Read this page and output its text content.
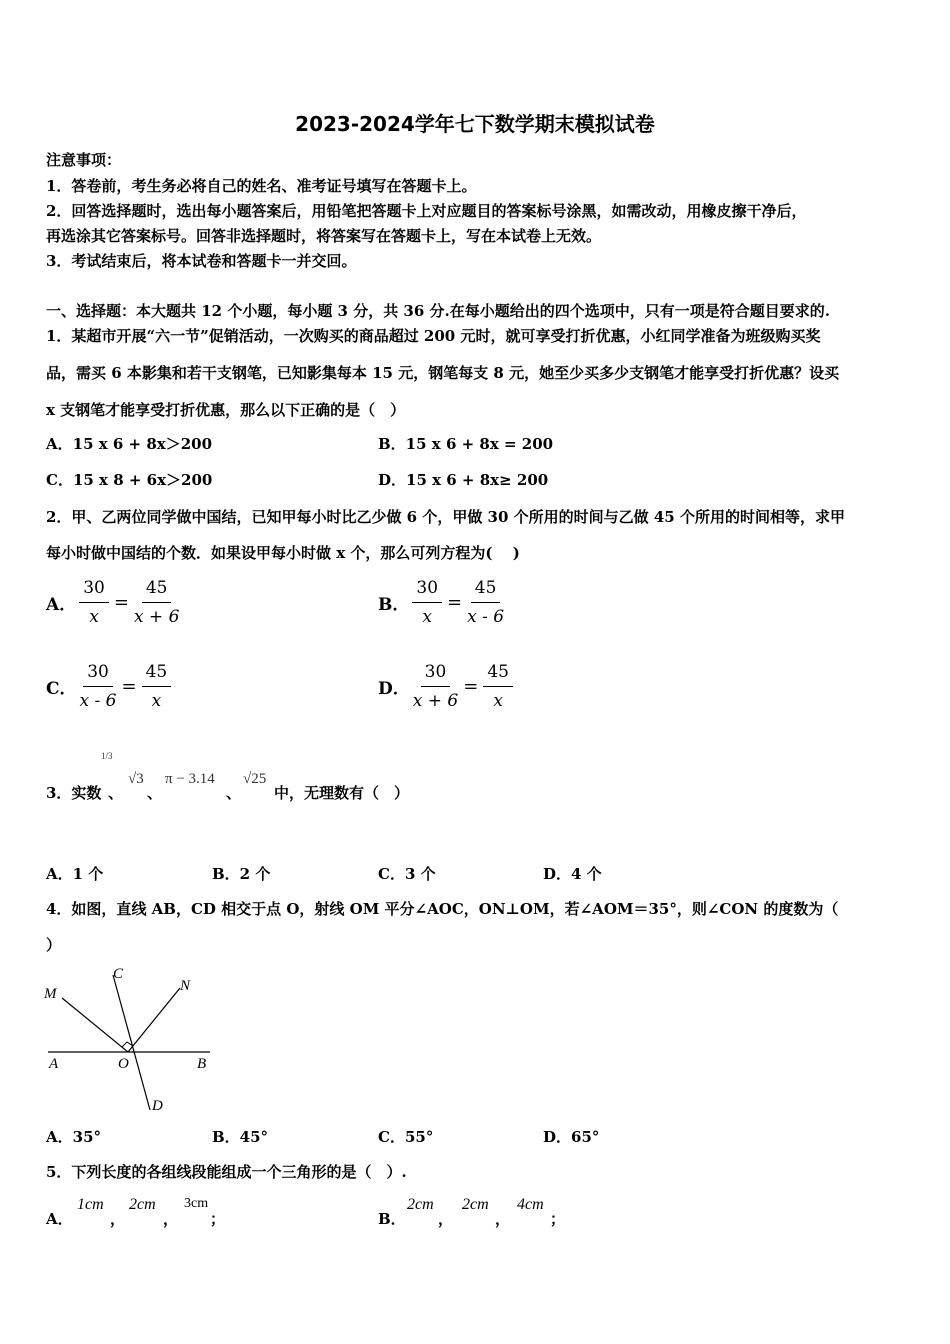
2023-2024学年七下数学期末模拟试卷
注意事项：
1．答卷前，考生务必将自己的姓名、准考证号填写在答题卡上。
2．回答选择题时，选出每小题答案后，用铅笔把答题卡上对应题目的答案标号涂黑，如需改动，用橡皮擦干净后，
再选涂其它答案标号。回答非选择题时，将答案写在答题卡上，写在本试卷上无效。
3．考试结束后，将本试卷和答题卡一并交回。
一、选择题：本大题共 12 个小题，每小题 3 分，共 36 分.在每小题给出的四个选项中，只有一项是符合题目要求的.
1．某超市开展“六一节”促销活动，一次购买的商品超过 200 元时，就可享受打折优惠，小红同学准备为班级购买奖
品，需买 6 本影集和若干支钢笔，已知影集每本 15 元，钢笔每支 8 元，她至少买多少支钢笔才能享受打折优惠？设买
x 支钢笔才能享受打折优惠，那么以下正确的是（　）
A．15 x 6 + 8x＞200	B．15 x 6 + 8x = 200
C．15 x 8 + 6x＞200	D．15 x 6 + 8x≥ 200
2．甲、乙两位同学做中国结，已知甲每小时比乙少做 6 个，甲做 30 个所用的时间与乙做 45 个所用的时间相等，求甲
每小时做中国结的个数．如果设甲每小时做 x 个，那么可列方程为(　 )
A． $\frac{30}{x} = \frac{45}{x + 6}$	B． $\frac{30}{x} = \frac{45}{x - 6}$
C． $\frac{30}{x - 6} = \frac{45}{x}$	D． $\frac{30}{x + 6} = \frac{45}{x}$
3．实数
1/3
、
√3
、
π − 3.14
、
√25
中，无理数有（　）
A．1 个	B．2 个	C．3 个	D．4 个
4．如图，直线 AB，CD 相交于点 O，射线 OM 平分∠AOC，ON⊥OM，若∠AOM＝35°，则∠CON 的度数为（
）
M
C
N
A	O	B
D
A．35°	B．45°	C．55°	D．65°
5．下列长度的各组线段能组成一个三角形的是（　）.
A．
1cm
，
2cm
，
3cm
；	B．
2cm
，
2cm
，
4cm
；
